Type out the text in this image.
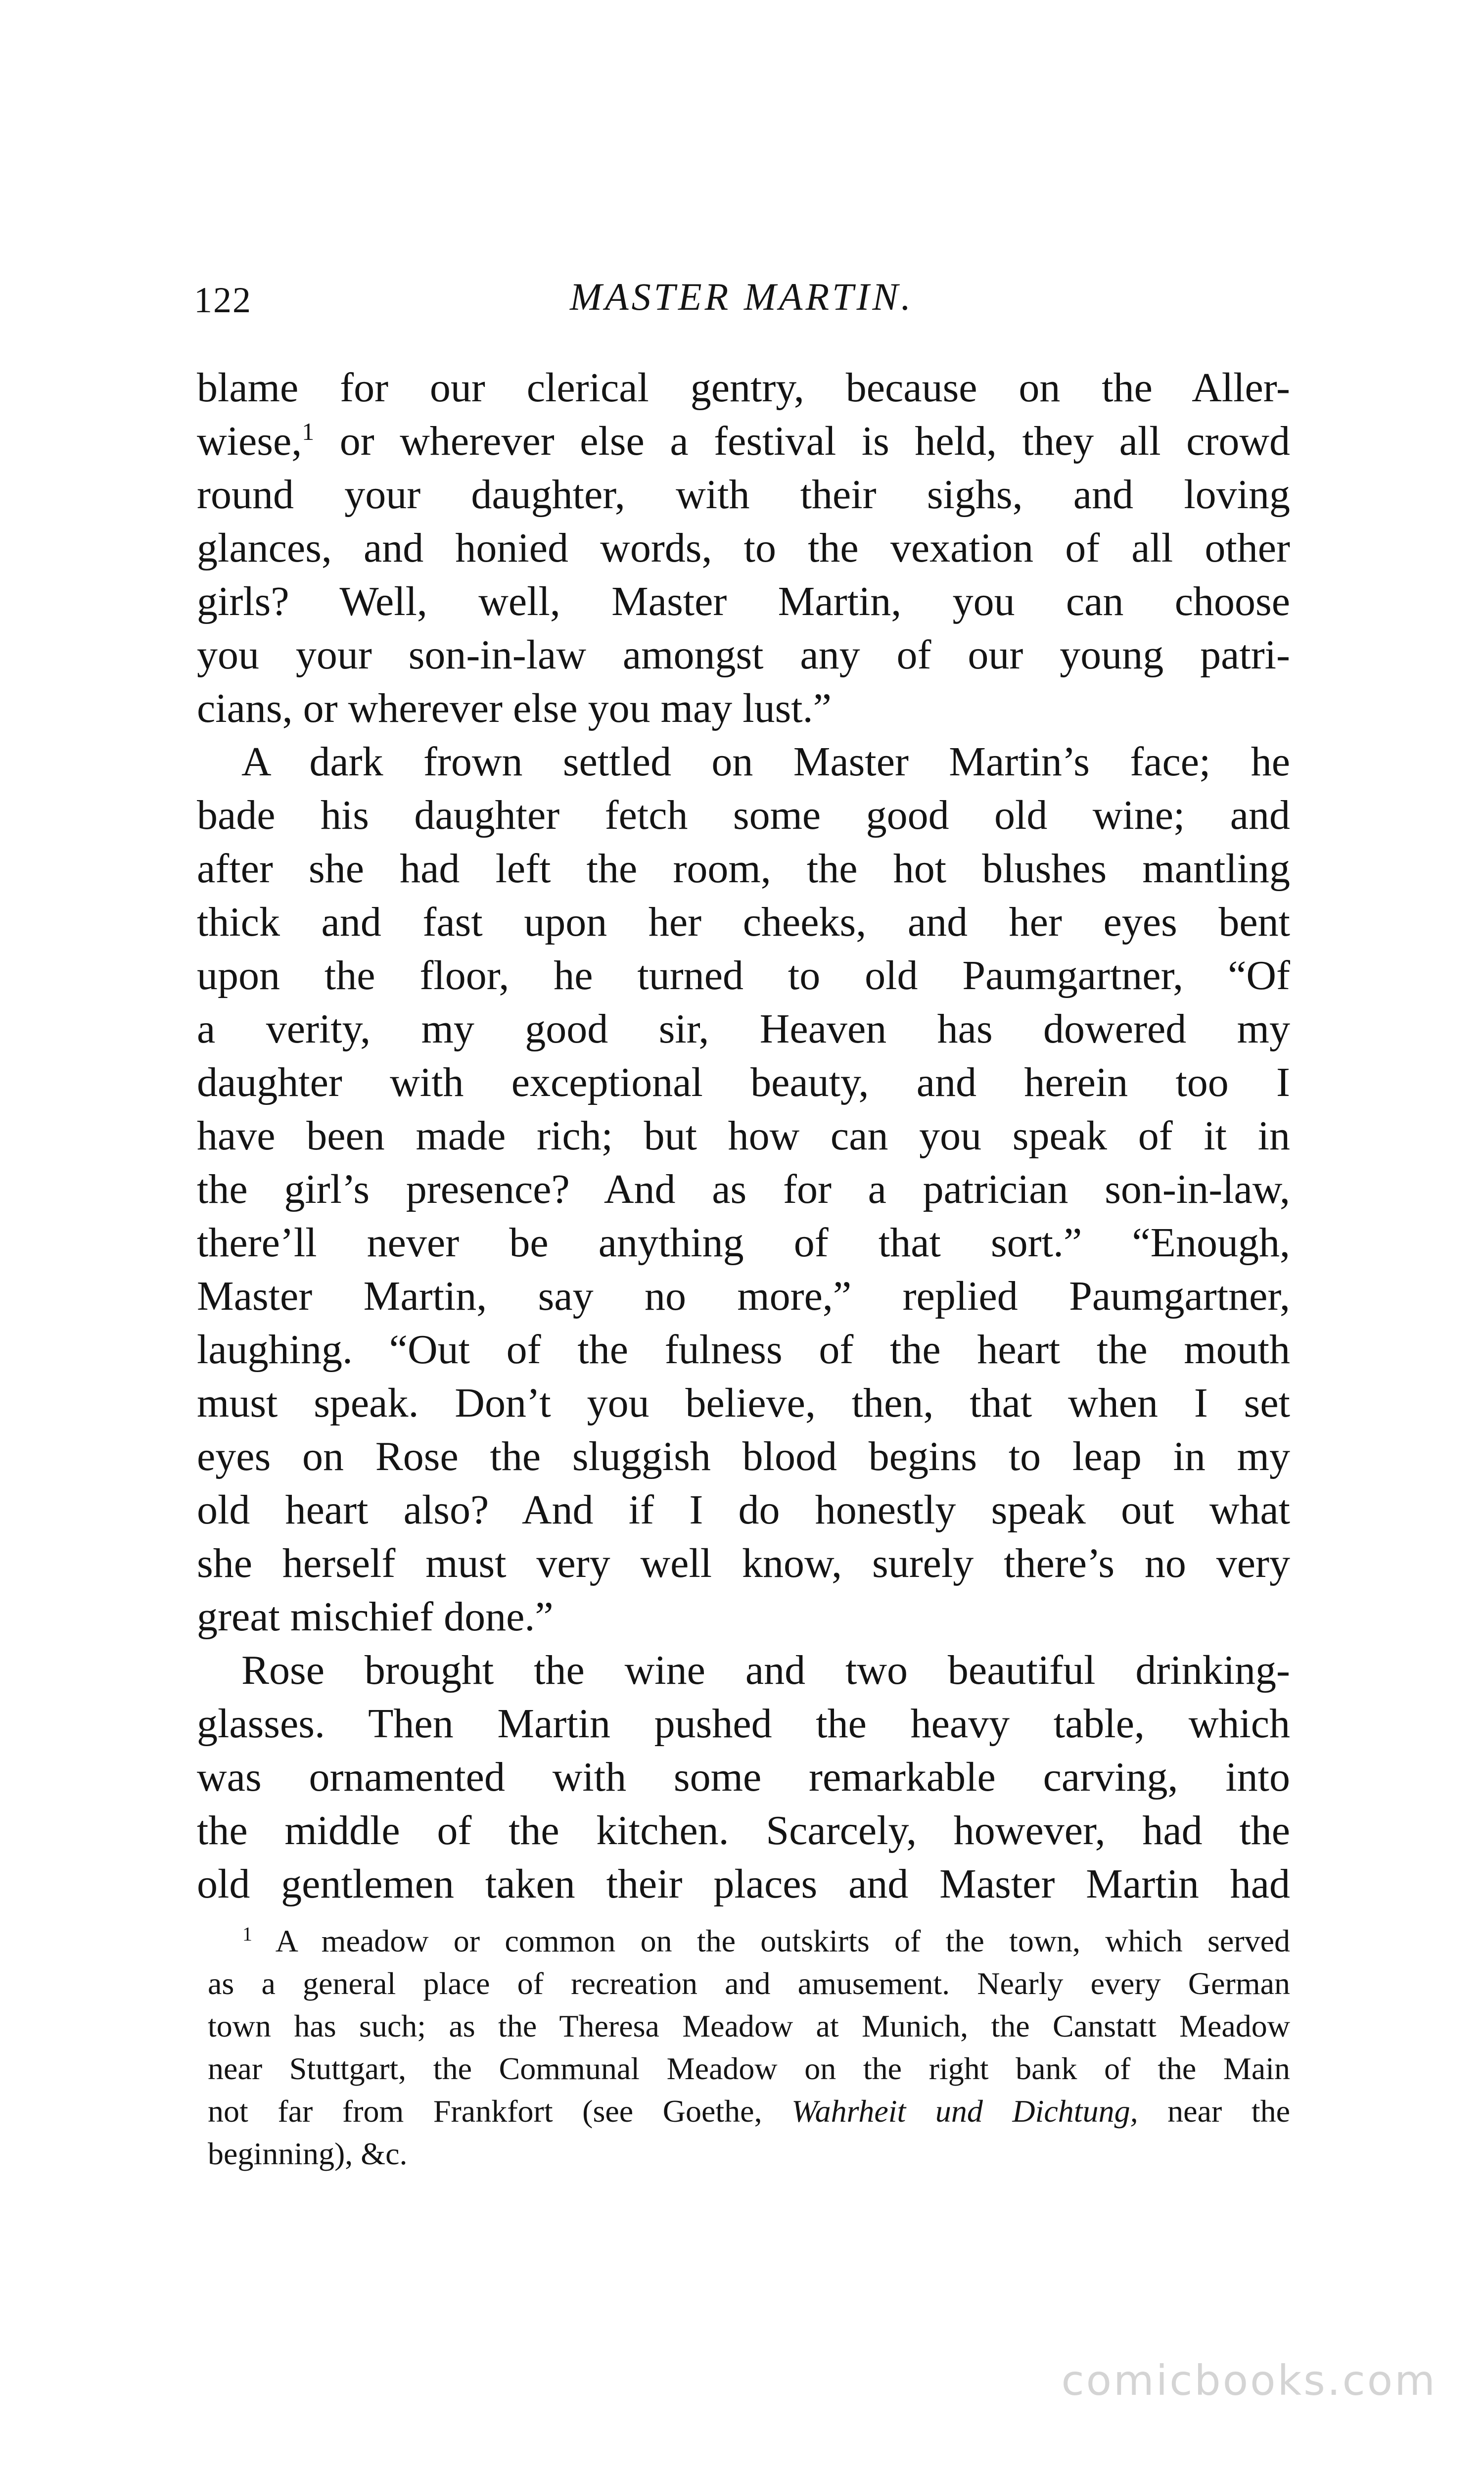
122	MASTER MARTIN.
blame for our clerical gentry, because on the Aller-
wiese,$^1$ or wherever else a festival is held, they all crowd
round your daughter, with their sighs, and loving
glances, and honied words, to the vexation of all other
girls? Well, well, Master Martin, you can choose
you your son-in-law amongst any of our young patri-
cians, or wherever else you may lust.”
A dark frown settled on Master Martin’s face; he
bade his daughter fetch some good old wine; and
after she had left the room, the hot blushes mantling
thick and fast upon her cheeks, and her eyes bent
upon the floor, he turned to old Paumgartner, “Of
a verity, my good sir, Heaven has dowered my
daughter with exceptional beauty, and herein too I
have been made rich; but how can you speak of it in
the girl’s presence? And as for a patrician son-in-law,
there’ll never be anything of that sort.” “Enough,
Master Martin, say no more,” replied Paumgartner,
laughing. “Out of the fulness of the heart the mouth
must speak. Don’t you believe, then, that when I set
eyes on Rose the sluggish blood begins to leap in my
old heart also? And if I do honestly speak out what
she herself must very well know, surely there’s no very
great mischief done.”
Rose brought the wine and two beautiful drinking-
glasses. Then Martin pushed the heavy table, which
was ornamented with some remarkable carving, into
the middle of the kitchen. Scarcely, however, had the
old gentlemen taken their places and Master Martin had
$^1$ A meadow or common on the outskirts of the town, which served
as a general place of recreation and amusement. Nearly every German
town has such; as the Theresa Meadow at Munich, the Canstatt Meadow
near Stuttgart, the Communal Meadow on the right bank of the Main
not far from Frankfort (see Goethe, Wahrheit und Dichtung, near the
beginning), &c.
comicbooks.com
